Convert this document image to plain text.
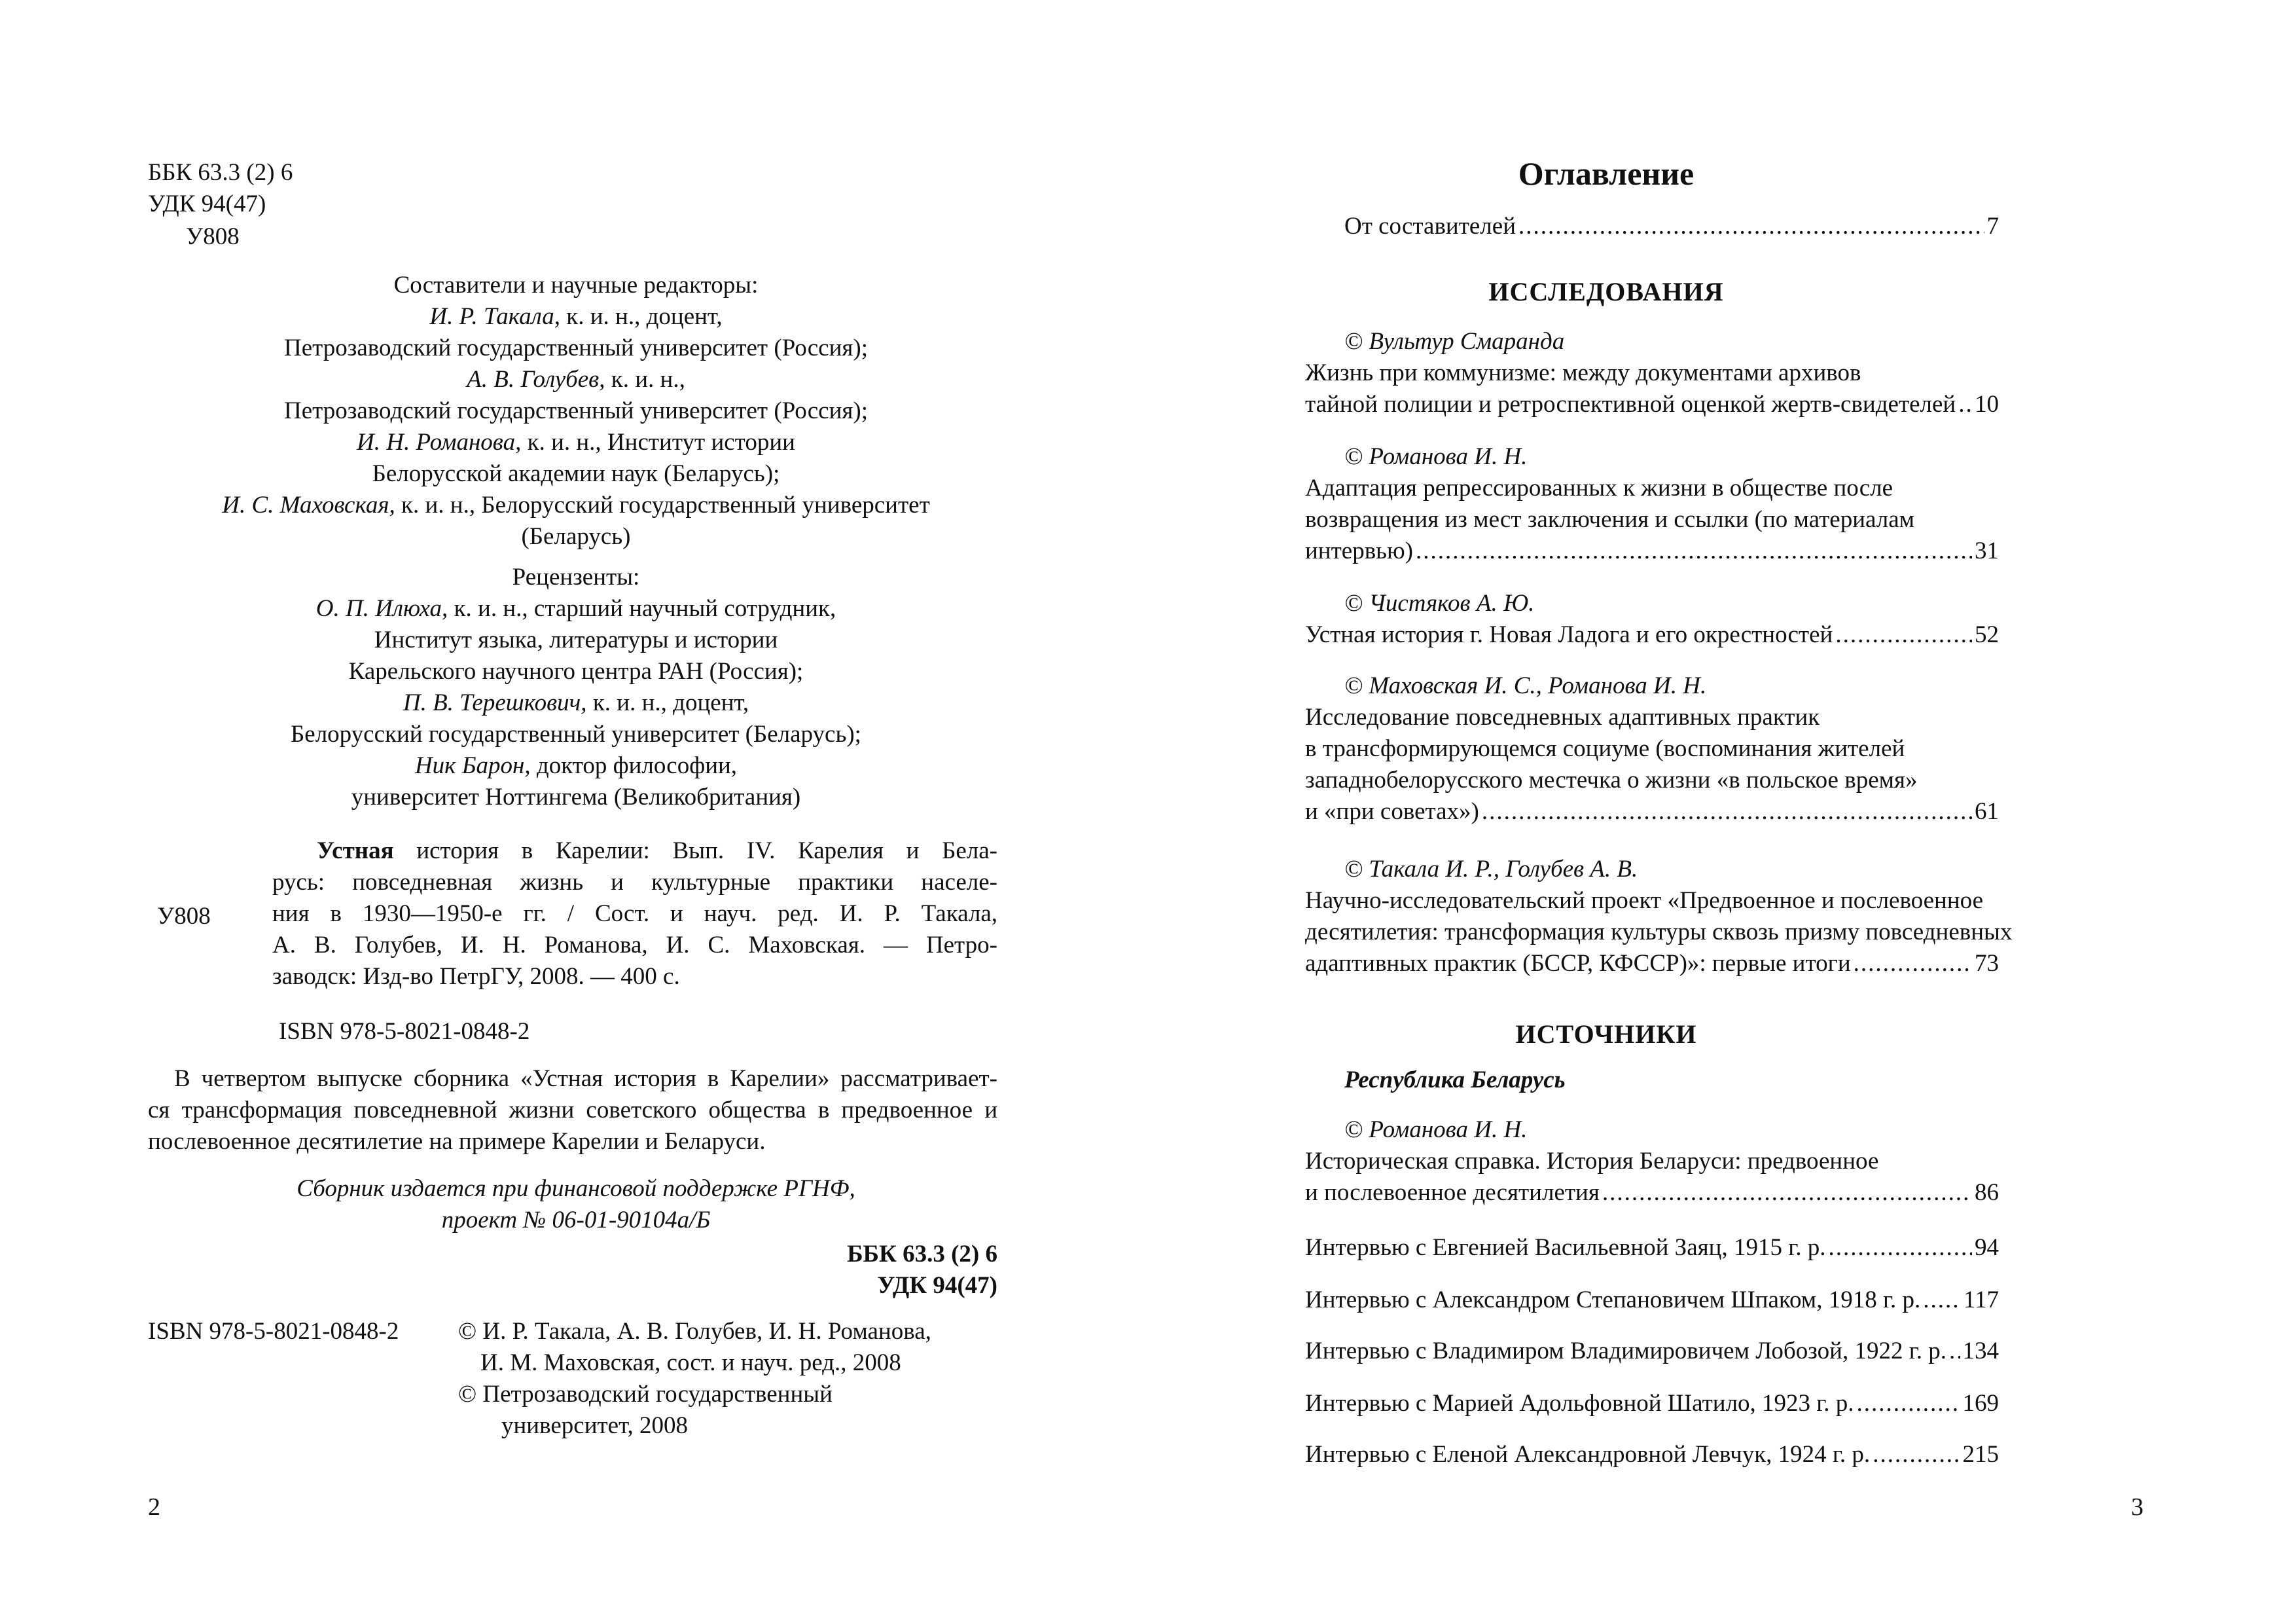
ББК 63.3 (2) 6
УДК 94(47)
У808
Составители и научные редакторы:
И. Р. Такала, к. и. н., доцент,
Петрозаводский государственный университет (Россия);
А. В. Голубев, к. и. н.,
Петрозаводский государственный университет (Россия);
И. Н. Романова, к. и. н., Институт истории
Белорусской академии наук (Беларусь);
И. С. Маховская, к. и. н., Белорусский государственный университет
(Беларусь)
Рецензенты:
О. П. Илюха, к. и. н., старший научный сотрудник,
Институт языка, литературы и истории
Карельского научного центра РАН (Россия);
П. В. Терешкович, к. и. н., доцент,
Белорусский государственный университет (Беларусь);
Ник Барон, доктор философии,
университет Ноттингема (Великобритания)
У808
Устная история в Карелии: Вып. IV. Карелия и Бела-
русь: повседневная жизнь и культурные практики населе-
ния в 1930—1950-е гг. / Сост. и науч. ред. И. Р. Такала,
А. В. Голубев, И. Н. Романова, И. С. Маховская. — Петро-
заводск: Изд-во ПетрГУ, 2008. — 400 с.
ISBN 978-5-8021-0848-2
В четвертом выпуске сборника «Устная история в Карелии» рассматривает-
ся трансформация повседневной жизни советского общества в предвоенное и
послевоенное десятилетие на примере Карелии и Беларуси.
Сборник издается при финансовой поддержке РГНФ,
проект № 06-01-90104а/Б
ББК 63.3 (2) 6
УДК 94(47)
ISBN 978-5-8021-0848-2 © И. Р. Такала, А. В. Голубев, И. Н. Романова,
И. М. Маховская, сост. и науч. ред., 2008
© Петрозаводский государственный
университет, 2008
2
Оглавление
От составителей .....	7
ИССЛЕДОВАНИЯ
© Вультур Смаранда
Жизнь при коммунизме: между документами архивов
тайной полиции и ретроспективной оценкой жертв-свидетелей ..... 10
© Романова И. Н.
Адаптация репрессированных к жизни в обществе после
возвращения из мест заключения и ссылки (по материалам
интервью) .....	31
© Чистяков А. Ю.
Устная история г. Новая Ладога и его окрестностей .....	52
© Маховская И. С., Романова И. Н.
Исследование повседневных адаптивных практик
в трансформирующемся социуме (воспоминания жителей
западнобелорусского местечка о жизни «в польское время»
и «при советах») .....	61
© Такала И. Р., Голубев А. В.
Научно-исследовательский проект «Предвоенное и послевоенное
десятилетия: трансформация культуры сквозь призму повседневных
адаптивных практик (БССР, КФССР)»: первые итоги .....	73
ИСТОЧНИКИ
Республика Беларусь
© Романова И. Н.
Историческая справка. История Беларуси: предвоенное
и послевоенное десятилетия .....	86
Интервью с Евгенией Васильевной Заяц, 1915 г. р. .....	94
Интервью с Александром Степановичем Шпаком, 1918 г. р. ..... 117
Интервью с Владимиром Владимировичем Лобозой, 1922 г. р. ..... 134
Интервью с Марией Адольфовной Шатило, 1923 г. р. .....	169
Интервью с Еленой Александровной Левчук, 1924 г. р. .....	215
3
